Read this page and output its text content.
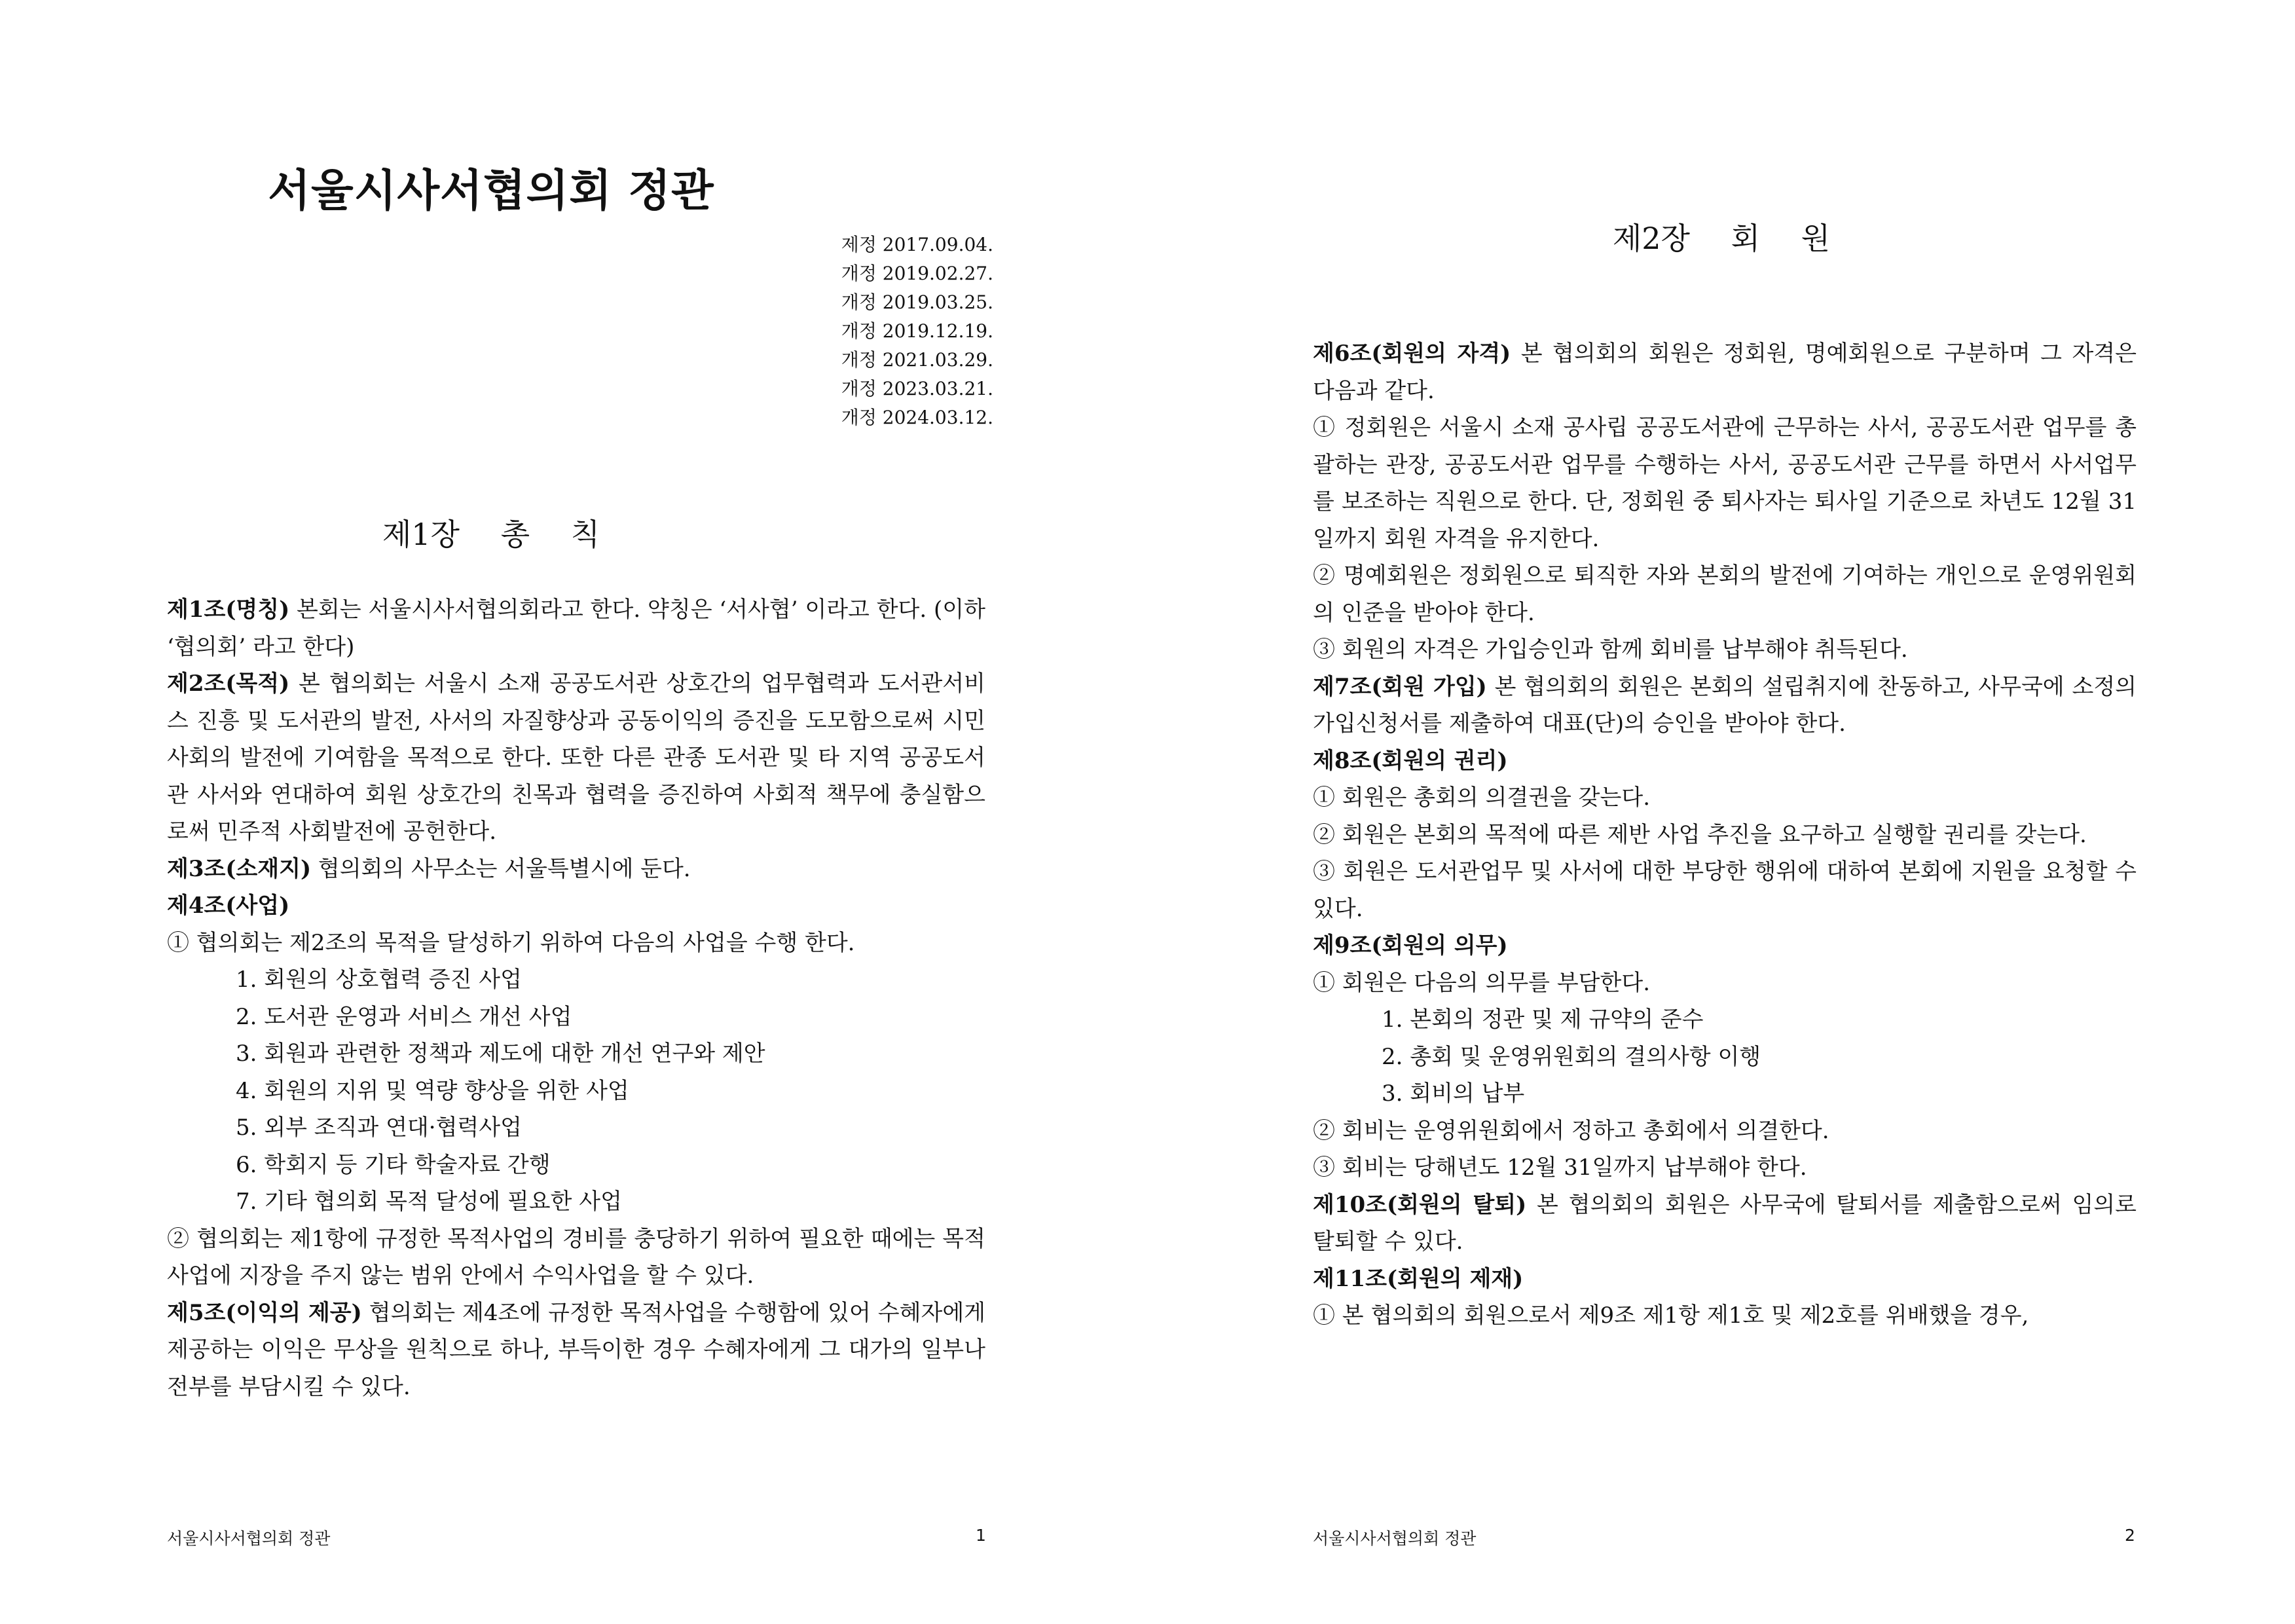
서울시사서협의회 정관
제정 2017.09.04.
개정 2019.02.27.
개정 2019.03.25.
개정 2019.12.19.
개정 2021.03.29.
개정 2023.03.21.
개정 2024.03.12.
제1장 총 칙

제1조(명칭) 본회는 서울시사서협의회라고 한다. 약칭은 ‘서사협’ 이라고 한다. (이하 ‘협의회’ 라고 한다)

제2조(목적) 본 협의회는 서울시 소재 공공도서관 상호간의 업무협력과 도서관서비스 진흥 및 도서관의 발전, 사서의 자질향상과 공동이익의 증진을 도모함으로써 시민사회의 발전에 기여함을 목적으로 한다. 또한 다른 관종 도서관 및 타 지역 공공도서관 사서와 연대하여 회원 상호간의 친목과 협력을 증진하여 사회적 책무에 충실함으로써 민주적 사회발전에 공헌한다.

제3조(소재지) 협의회의 사무소는 서울특별시에 둔다.

제4조(사업)

① 협의회는 제2조의 목적을 달성하기 위하여 다음의 사업을 수행 한다.

1. 회원의 상호협력 증진 사업

2. 도서관 운영과 서비스 개선 사업

3. 회원과 관련한 정책과 제도에 대한 개선 연구와 제안

4. 회원의 지위 및 역량 향상을 위한 사업

5. 외부 조직과 연대·협력사업

6. 학회지 등 기타 학술자료 간행

7. 기타 협의회 목적 달성에 필요한 사업

② 협의회는 제1항에 규정한 목적사업의 경비를 충당하기 위하여 필요한 때에는 목적사업에 지장을 주지 않는 범위 안에서 수익사업을 할 수 있다.

제5조(이익의 제공) 협의회는 제4조에 규정한 목적사업을 수행함에 있어 수혜자에게 제공하는 이익은 무상을 원칙으로 하나, 부득이한 경우 수혜자에게 그 대가의 일부나 전부를 부담시킬 수 있다.

서울시사서협의회 정관	1
제2장 회 원

제6조(회원의 자격) 본 협의회의 회원은 정회원, 명예회원으로 구분하며 그 자격은 다음과 같다.

① 정회원은 서울시 소재 공사립 공공도서관에 근무하는 사서, 공공도서관 업무를 총괄하는 관장, 공공도서관 업무를 수행하는 사서, 공공도서관 근무를 하면서 사서업무를 보조하는 직원으로 한다. 단, 정회원 중 퇴사자는 퇴사일 기준으로 차년도 12월 31일까지 회원 자격을 유지한다.

② 명예회원은 정회원으로 퇴직한 자와 본회의 발전에 기여하는 개인으로 운영위원회의 인준을 받아야 한다.

③ 회원의 자격은 가입승인과 함께 회비를 납부해야 취득된다.

제7조(회원 가입) 본 협의회의 회원은 본회의 설립취지에 찬동하고, 사무국에 소정의 가입신청서를 제출하여 대표(단)의 승인을 받아야 한다.

제8조(회원의 권리)

① 회원은 총회의 의결권을 갖는다.

② 회원은 본회의 목적에 따른 제반 사업 추진을 요구하고 실행할 권리를 갖는다.

③ 회원은 도서관업무 및 사서에 대한 부당한 행위에 대하여 본회에 지원을 요청할 수 있다.

제9조(회원의 의무)

① 회원은 다음의 의무를 부담한다.

1. 본회의 정관 및 제 규약의 준수

2. 총회 및 운영위원회의 결의사항 이행

3. 회비의 납부

② 회비는 운영위원회에서 정하고 총회에서 의결한다.

③ 회비는 당해년도 12월 31일까지 납부해야 한다.

제10조(회원의 탈퇴) 본 협의회의 회원은 사무국에 탈퇴서를 제출함으로써 임의로 탈퇴할 수 있다.

제11조(회원의 제재)

① 본 협의회의 회원으로서 제9조 제1항 제1호 및 제2호를 위배했을 경우,

서울시사서협의회 정관	2
